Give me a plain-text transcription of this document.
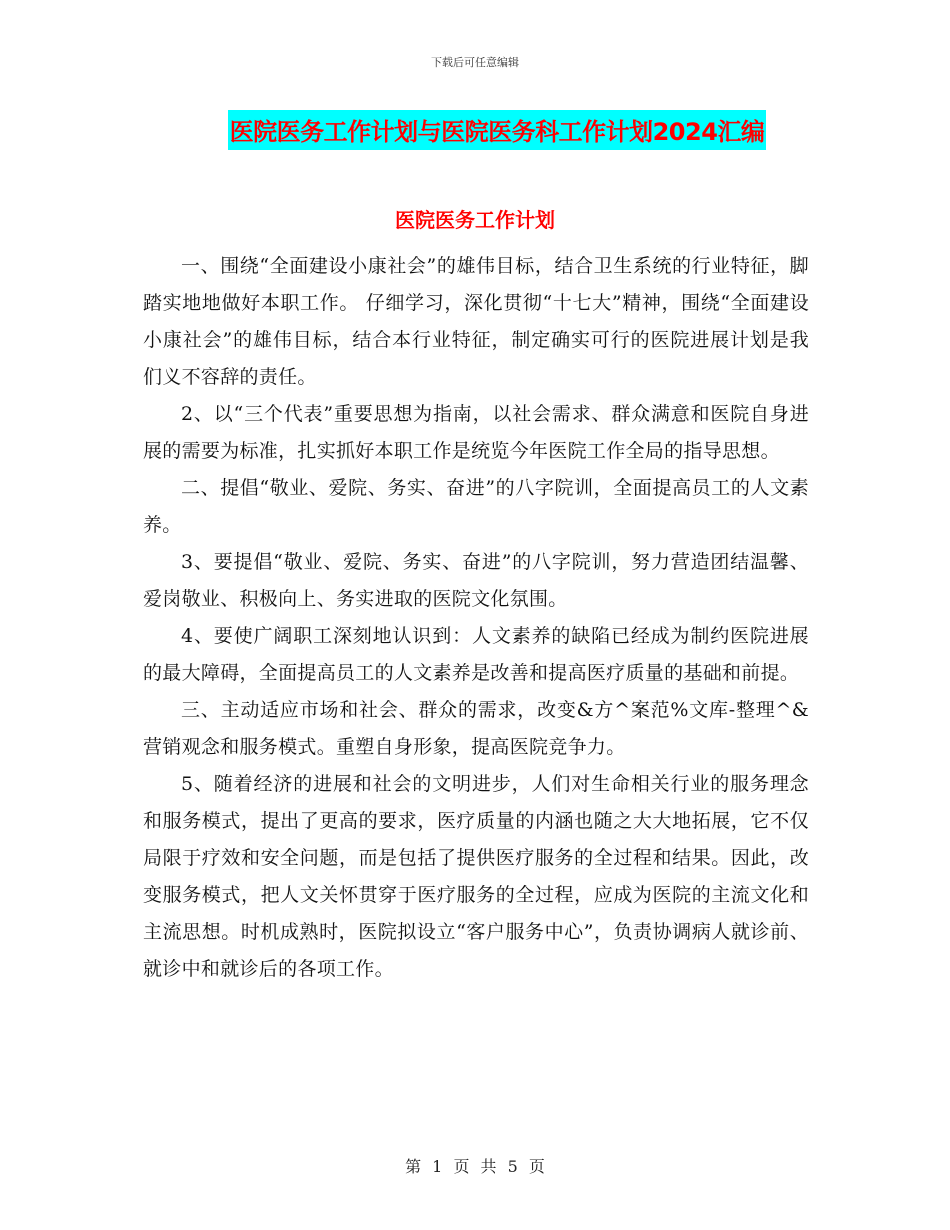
下载后可任意编辑
医院医务工作计划与医院医务科工作计划2024汇编
医院医务工作计划

一、围绕“全面建设小康社会”的雄伟目标，结合卫生系统的行业特征，脚踏实地地做好本职工作。 仔细学习，深化贯彻“十七大”精神，围绕“全面建设小康社会”的雄伟目标，结合本行业特征，制定确实可行的医院进展计划是我们义不容辞的责任。

2、以“三个代表”重要思想为指南，以社会需求、群众满意和医院自身进展的需要为标准，扎实抓好本职工作是统览今年医院工作全局的指导思想。

二、提倡“敬业、爱院、务实、奋进”的八字院训，全面提高员工的人文素养。

3、要提倡“敬业、爱院、务实、奋进”的八字院训，努力营造团结温馨、爱岗敬业、积极向上、务实进取的医院文化氛围。

4、要使广阔职工深刻地认识到：人文素养的缺陷已经成为制约医院进展的最大障碍，全面提高员工的人文素养是改善和提高医疗质量的基础和前提。

三、主动适应市场和社会、群众的需求，改变&方^案范%文库-整理^&营销观念和服务模式。重塑自身形象，提高医院竞争力。

5、随着经济的进展和社会的文明进步，人们对生命相关行业的服务理念和服务模式，提出了更高的要求，医疗质量的内涵也随之大大地拓展，它不仅局限于疗效和安全问题，而是包括了提供医疗服务的全过程和结果。因此，改变服务模式，把人文关怀贯穿于医疗服务的全过程，应成为医院的主流文化和主流思想。时机成熟时，医院拟设立“客户服务中心”，负责协调病人就诊前、就诊中和就诊后的各项工作。

第 1 页 共 5 页
